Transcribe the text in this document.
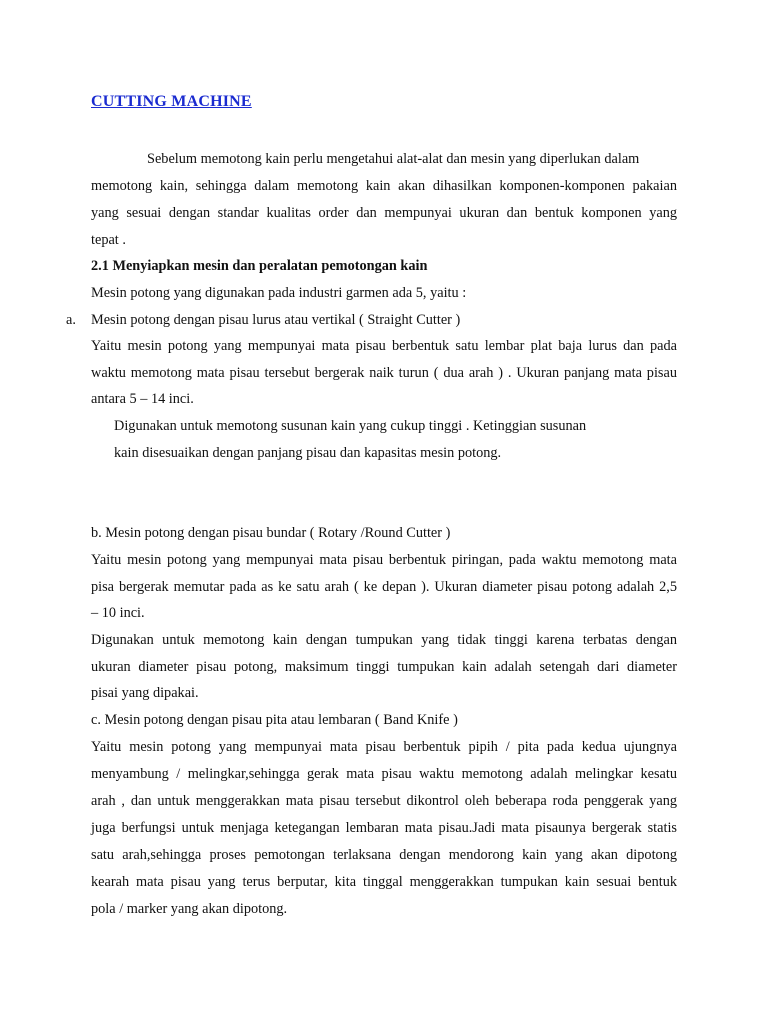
CUTTING MACHINE
Sebelum memotong kain perlu mengetahui alat-alat dan mesin yang diperlukan dalam
memotong kain, sehingga dalam memotong kain akan dihasilkan komponen-komponen pakaian
yang sesuai dengan standar kualitas order dan mempunyai ukuran dan bentuk komponen yang
tepat .
2.1 Menyiapkan mesin dan peralatan pemotongan kain
Mesin potong yang digunakan pada industri garmen ada 5, yaitu :
a. Mesin potong dengan pisau lurus atau vertikal ( Straight Cutter )
Yaitu mesin potong yang mempunyai mata pisau berbentuk satu lembar plat baja lurus dan pada
waktu memotong mata pisau tersebut bergerak naik turun ( dua arah ) . Ukuran panjang mata pisau
antara 5 – 14 inci.
Digunakan untuk memotong susunan kain yang cukup tinggi . Ketinggian susunan
kain disesuaikan dengan panjang pisau dan kapasitas mesin potong.
b. Mesin potong dengan pisau bundar ( Rotary /Round Cutter )
Yaitu mesin potong yang mempunyai mata pisau berbentuk piringan, pada waktu memotong mata
pisa bergerak memutar pada as ke satu arah ( ke depan ). Ukuran diameter pisau potong adalah 2,5
– 10 inci.
Digunakan untuk memotong kain dengan tumpukan yang tidak tinggi karena terbatas dengan
ukuran diameter pisau potong, maksimum tinggi tumpukan kain adalah setengah dari diameter
pisai yang dipakai.
c. Mesin potong dengan pisau pita atau lembaran ( Band Knife )
Yaitu mesin potong yang mempunyai mata pisau berbentuk pipih / pita pada kedua ujungnya
menyambung / melingkar,sehingga gerak mata pisau waktu memotong adalah melingkar kesatu
arah , dan untuk menggerakkan mata pisau tersebut dikontrol oleh beberapa roda penggerak yang
juga berfungsi untuk menjaga ketegangan lembaran mata pisau.Jadi mata pisaunya bergerak statis
satu arah,sehingga proses pemotongan terlaksana dengan mendorong kain yang akan dipotong
kearah mata pisau yang terus berputar, kita tinggal menggerakkan tumpukan kain sesuai bentuk
pola / marker yang akan dipotong.
